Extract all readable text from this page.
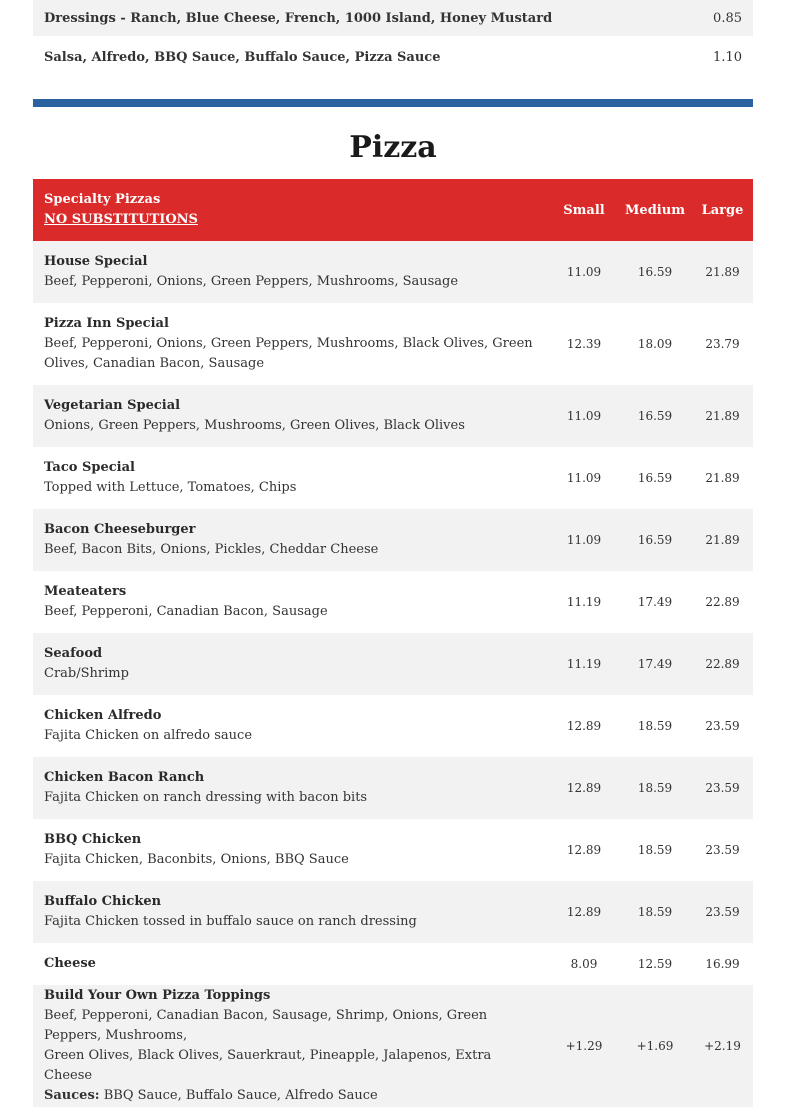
Dressings - Ranch, Blue Cheese, French, 1000 Island, Honey Mustard	0.85
Salsa, Alfredo, BBQ Sauce, Buffalo Sauce, Pizza Sauce	1.10
Pizza
Specialty Pizzas
NO SUBSTITUTIONS
Small	Medium	Large
House Special
Beef, Pepperoni, Onions, Green Peppers, Mushrooms, Sausage
11.09	16.59	21.89
Pizza Inn Special
Beef, Pepperoni, Onions, Green Peppers, Mushrooms, Black Olives, Green Olives, Canadian Bacon, Sausage
12.39	18.09	23.79
Vegetarian Special
Onions, Green Peppers, Mushrooms, Green Olives, Black Olives
11.09	16.59	21.89
Taco Special
Topped with Lettuce, Tomatoes, Chips
11.09	16.59	21.89
Bacon Cheeseburger
Beef, Bacon Bits, Onions, Pickles, Cheddar Cheese
11.09	16.59	21.89
Meateaters
Beef, Pepperoni, Canadian Bacon, Sausage
11.19	17.49	22.89
Seafood
Crab/Shrimp
11.19	17.49	22.89
Chicken Alfredo
Fajita Chicken on alfredo sauce
12.89	18.59	23.59
Chicken Bacon Ranch
Fajita Chicken on ranch dressing with bacon bits
12.89	18.59	23.59
BBQ Chicken
Fajita Chicken, Baconbits, Onions, BBQ Sauce
12.89	18.59	23.59
Buffalo Chicken
Fajita Chicken tossed in buffalo sauce on ranch dressing
12.89	18.59	23.59
Cheese	8.09	12.59	16.99
Build Your Own Pizza Toppings
Beef, Pepperoni, Canadian Bacon, Sausage, Shrimp, Onions, Green Peppers, Mushrooms,
Green Olives, Black Olives, Sauerkraut, Pineapple, Jalapenos, Extra Cheese
Sauces: BBQ Sauce, Buffalo Sauce, Alfredo Sauce
+1.29	+1.69	+2.19
